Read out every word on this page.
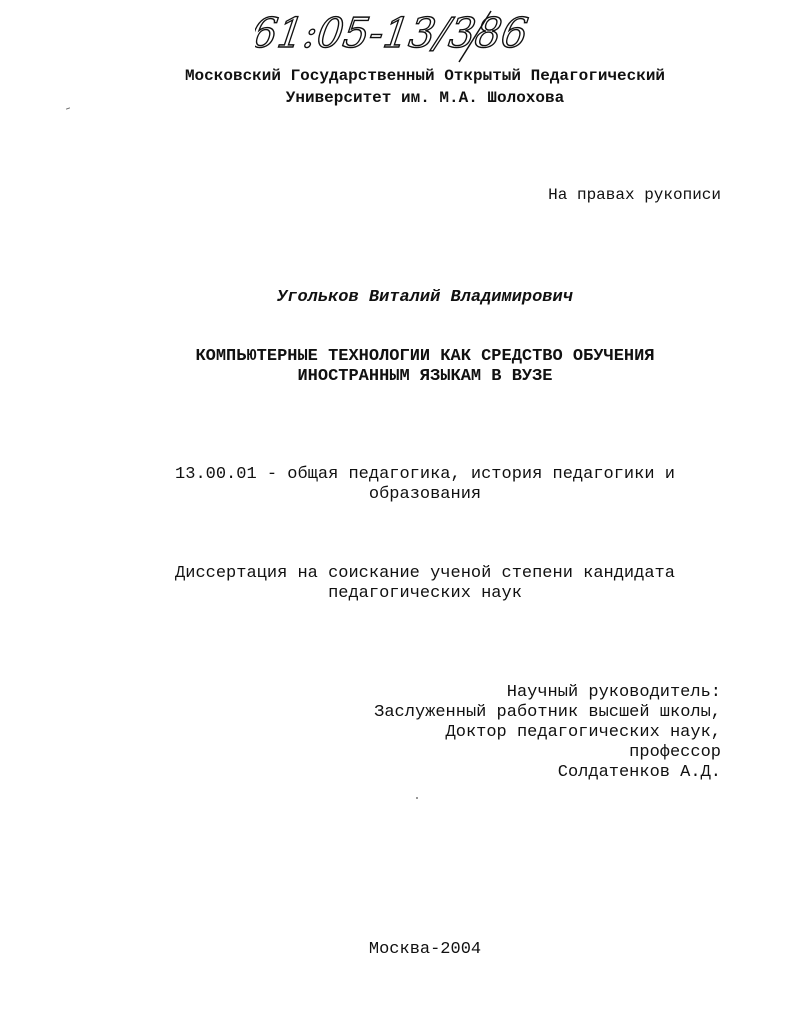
61:05-13/386
Московский Государственный Открытый Педагогический
Университет им. М.А. Шолохова
На правах рукописи
Угольков Виталий Владимирович
КОМПЬЮТЕРНЫЕ ТЕХНОЛОГИИ КАК СРЕДСТВО ОБУЧЕНИЯ
ИНОСТРАННЫМ ЯЗЫКАМ В ВУЗЕ
13.00.01 - общая педагогика, история педагогики и
образования
Диссертация на соискание ученой степени кандидата
педагогических наук
Научный руководитель:
Заслуженный работник высшей школы,
Доктор педагогических наук,
профессор
Солдатенков А.Д.
Москва-2004
